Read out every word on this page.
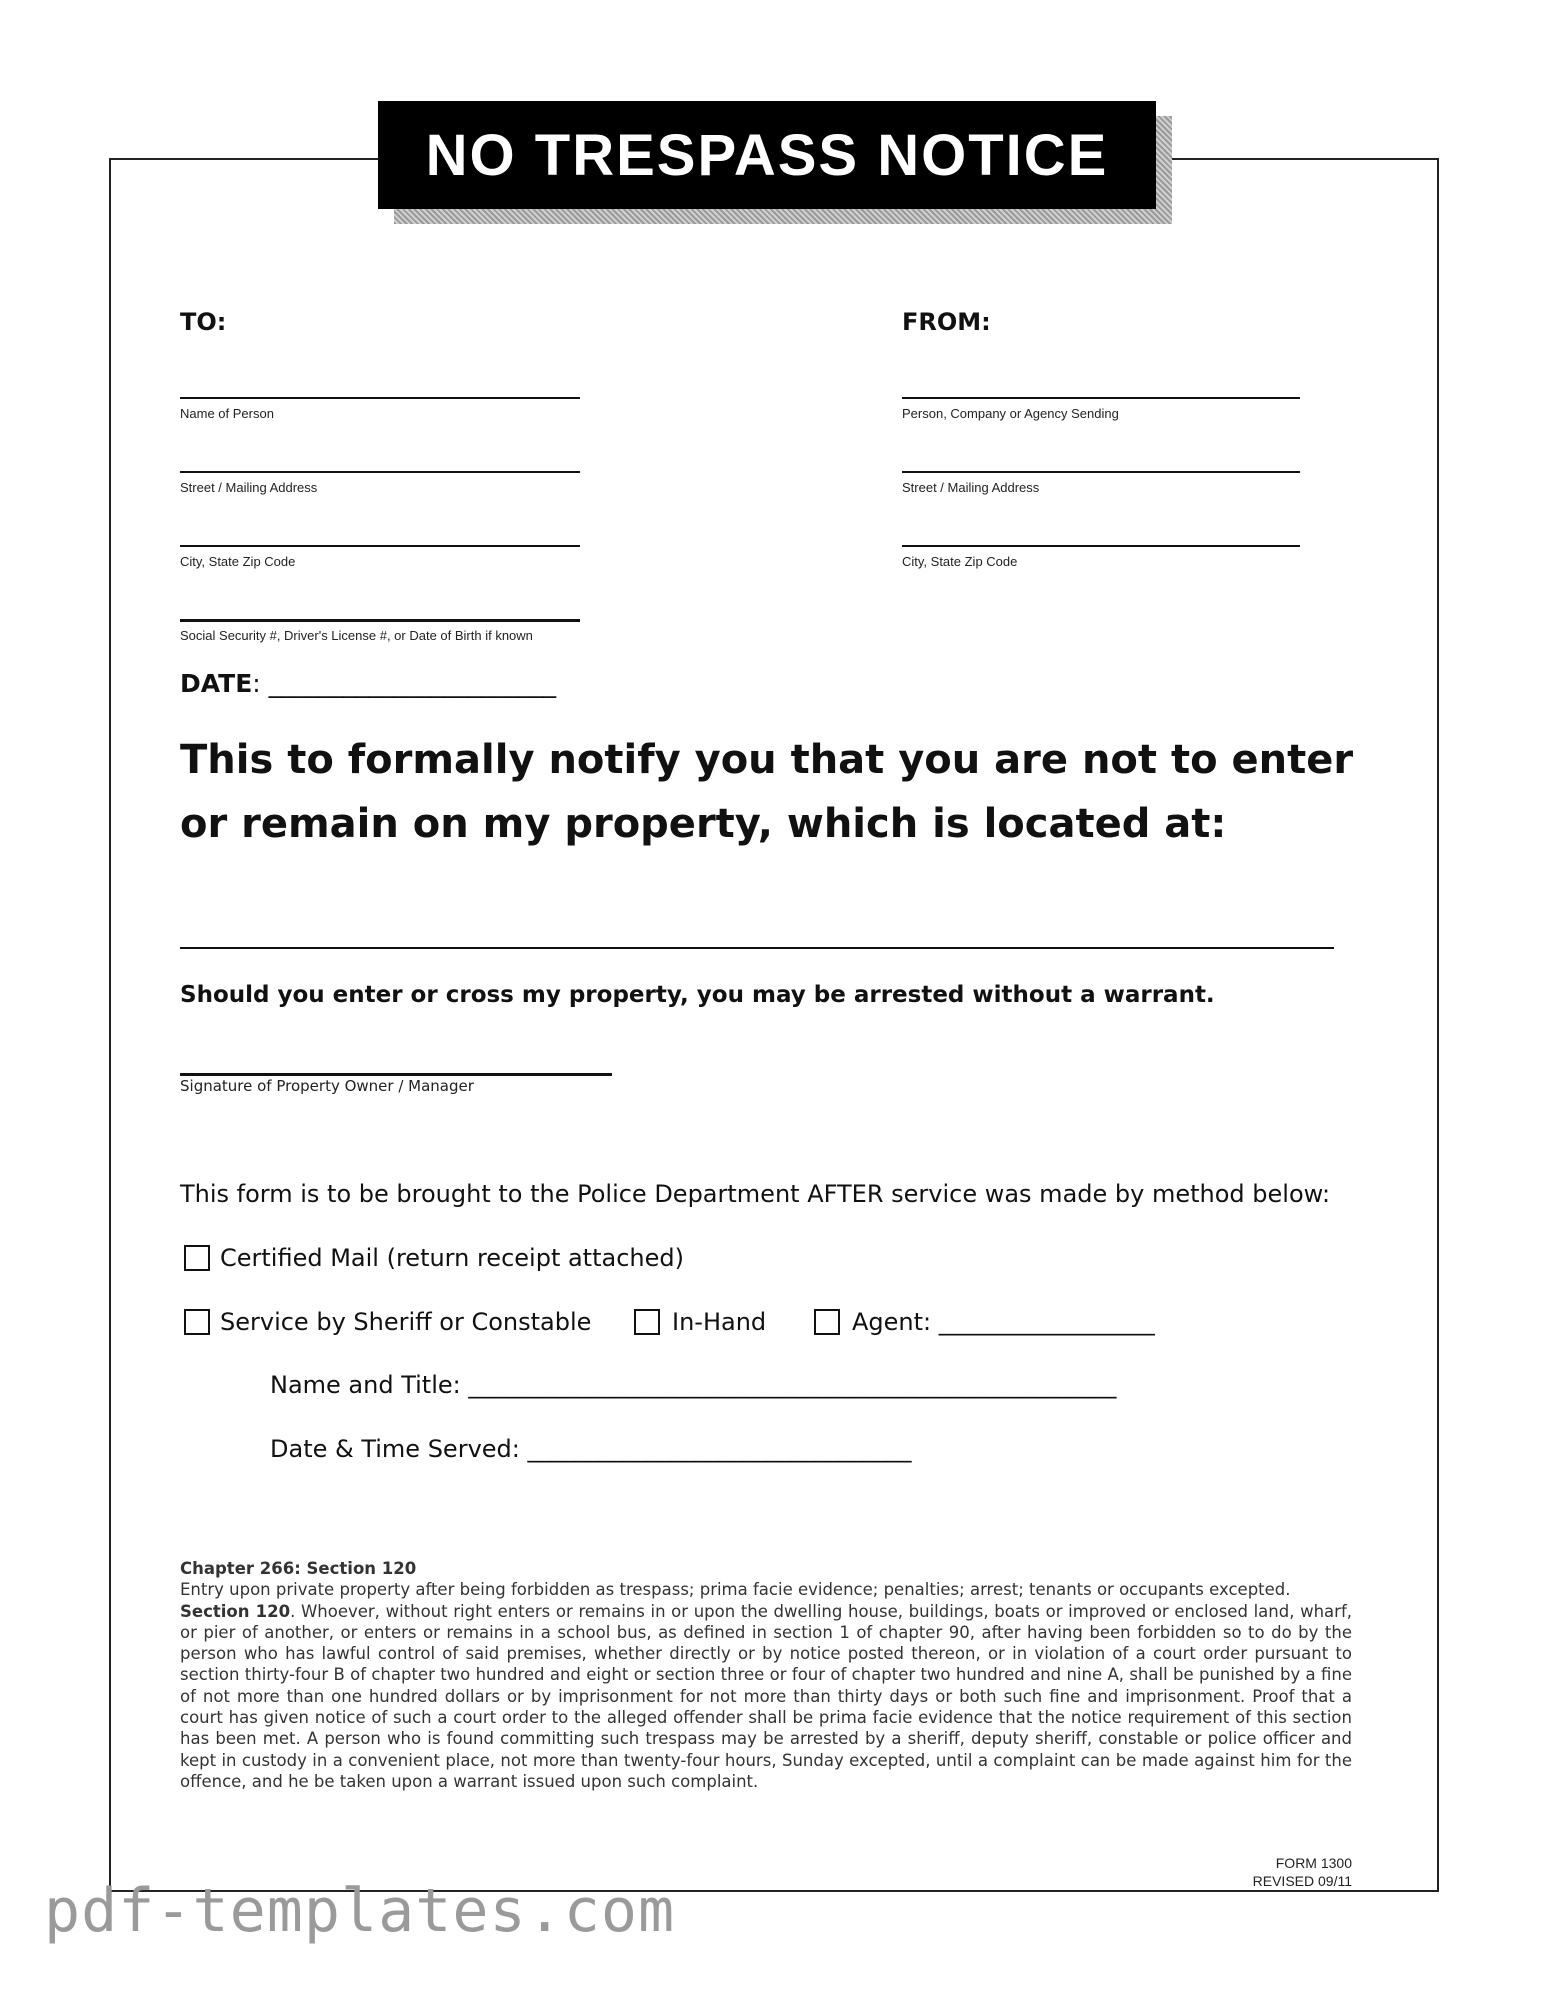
NO TRESPASS NOTICE
TO:
Name of Person
Street / Mailing Address
City, State Zip Code
Social Security #, Driver's License #, or Date of Birth if known
FROM:
Person, Company or Agency Sending
Street / Mailing Address
City, State Zip Code
DATE: _______________________
This to formally notify you that you are not to enter or remain on my property, which is located at:
Should you enter or cross my property, you may be arrested without a warrant.
Signature of Property Owner / Manager
This form is to be brought to the Police Department AFTER service was made by method below:
Certified Mail (return receipt attached)
Service by Sheriff or Constable	In-Hand	Agent: __________________
Name and Title: ______________________________________________________
Date & Time Served: ________________________________
Chapter 266: Section 120
Entry upon private property after being forbidden as trespass; prima facie evidence; penalties; arrest; tenants or occupants excepted.
Section 120. Whoever, without right enters or remains in or upon the dwelling house, buildings, boats or improved or enclosed land, wharf, or pier of another, or enters or remains in a school bus, as defined in section 1 of chapter 90, after having been forbidden so to do by the person who has lawful control of said premises, whether directly or by notice posted thereon, or in violation of a court order pursuant to section thirty-four B of chapter two hundred and eight or section three or four of chapter two hundred and nine A, shall be punished by a fine of not more than one hundred dollars or by imprisonment for not more than thirty days or both such fine and imprisonment. Proof that a court has given notice of such a court order to the alleged offender shall be prima facie evidence that the notice requirement of this section has been met. A person who is found committing such trespass may be arrested by a sheriff, deputy sheriff, constable or police officer and kept in custody in a convenient place, not more than twenty-four hours, Sunday excepted, until a complaint can be made against him for the offence, and he be taken upon a warrant issued upon such complaint.
FORM 1300
REVISED 09/11
pdf-templates.com
